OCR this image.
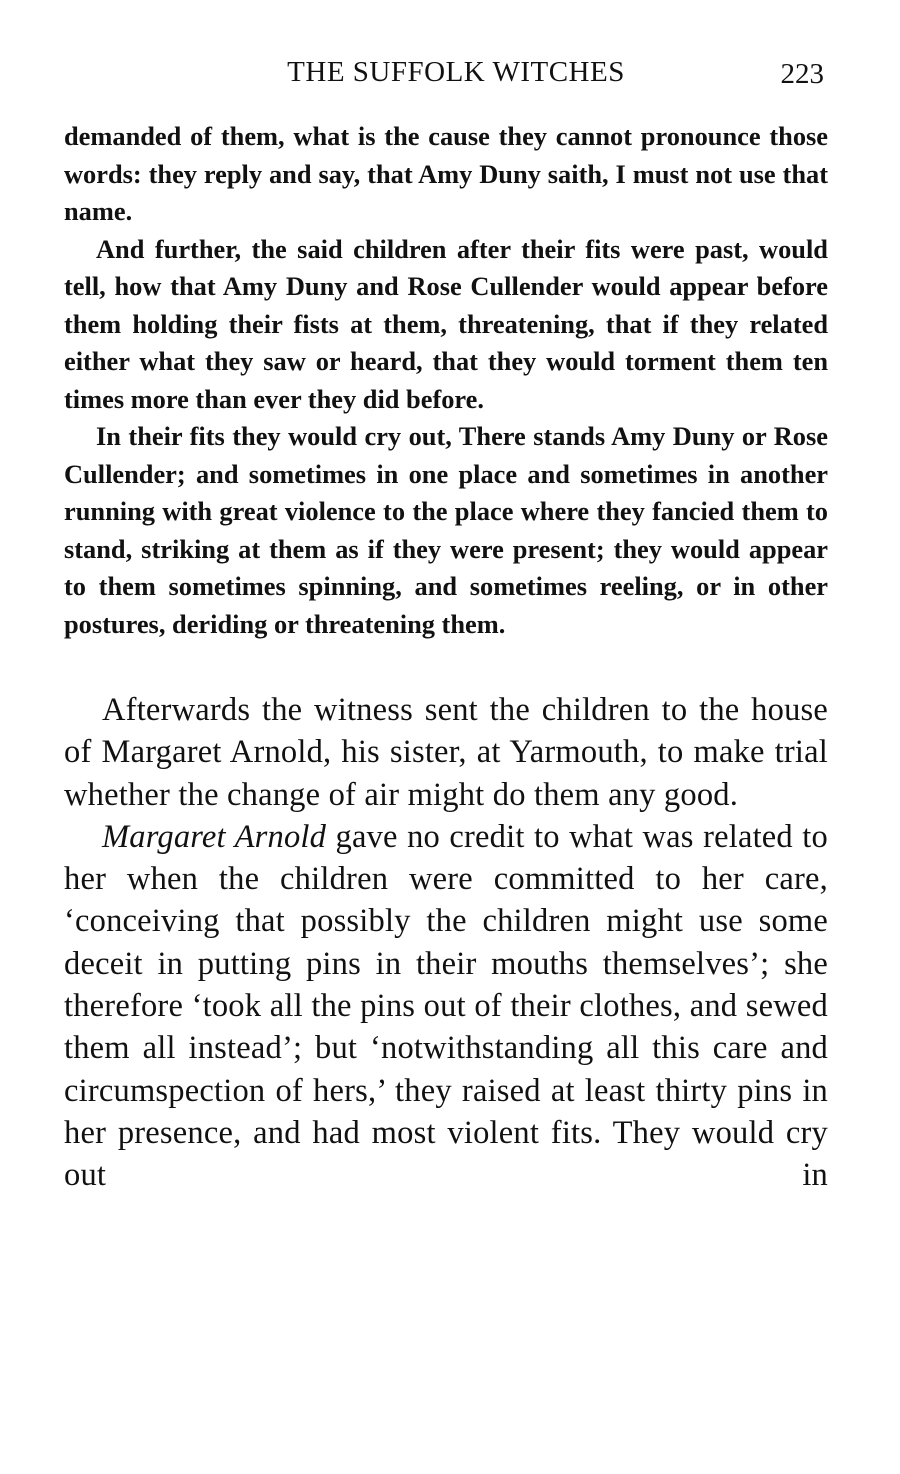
THE SUFFOLK WITCHES	223

demanded of them, what is the cause they cannot pronounce those words: they reply and say, that Amy Duny saith, I must not use that name.

And further, the said children after their fits were past, would tell, how that Amy Duny and Rose Cullender would appear before them holding their fists at them, threatening, that if they related either what they saw or heard, that they would torment them ten times more than ever they did before.

In their fits they would cry out, There stands Amy Duny or Rose Cullender; and sometimes in one place and sometimes in another running with great violence to the place where they fancied them to stand, striking at them as if they were present; they would appear to them sometimes spinning, and sometimes reeling, or in other postures, deriding or threatening them.

Afterwards the witness sent the children to the house of Margaret Arnold, his sister, at Yarmouth, to make trial whether the change of air might do them any good.

Margaret Arnold gave no credit to what was related to her when the children were committed to her care, ‘conceiving that possibly the children might use some deceit in putting pins in their mouths themselves’; she therefore ‘took all the pins out of their clothes, and sewed them all instead’; but ‘notwithstanding all this care and circumspection of hers,’ they raised at least thirty pins in her presence, and had most violent fits. They would cry out in
